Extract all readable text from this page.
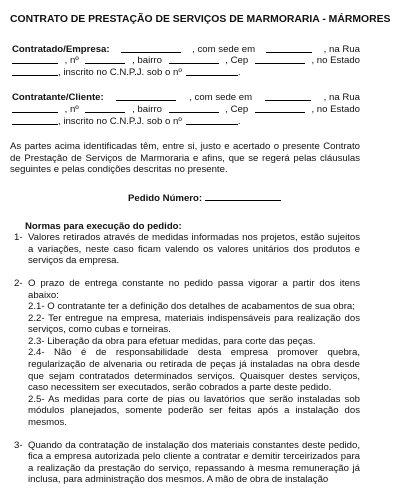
CONTRATO DE PRESTAÇÃO DE SERVIÇOS DE MARMORARIA - MÁRMORES
Contratado/Empresa:	, com sede em	, na Rua
, nº	, bairro	, Cep	, no Estado
, inscrito no C.N.P.J. sob o nº	.
Contratante/Cliente:	, com sede em	, na Rua
, nº	, bairro	, Cep	, no Estado
, inscrito no C.N.P.J. sob o nº	.

As partes acima identificadas têm, entre si, justo e acertado o presente Contrato de Prestação de Serviços de Marmoraria e afins, que se regerá pelas cláusulas seguintes e pelas condições descritas no presente.

Pedido Número:
Normas para execução do pedido:
1- Valores retirados através de medidas informadas nos projetos, estão sujeitos a variações, neste caso ficam valendo os valores unitários dos produtos e serviços da empresa.

2- O prazo de entrega constante no pedido passa vigorar a partir dos itens abaixo:

2.1- O contratante ter a definição dos detalhes de acabamentos de sua obra;

2.2- Ter entregue na empresa, materiais indispensáveis para realização dos serviços, como cubas e torneiras.

2.3- Liberação da obra para efetuar medidas, para corte das peças.

2.4- Não é de responsabilidade desta empresa promover quebra, regularização de alvenaria ou retirada de peças já instaladas na obra desde que sejam contratados determinados serviços. Quaisquer destes serviços, caso necessitem ser executados, serão cobrados a parte deste pedido.

2.5- As medidas para corte de pias ou lavatórios que serão instaladas sob módulos planejados, somente poderão ser feitas após a instalação dos mesmos.

3- Quando da contratação de instalação dos materiais constantes deste pedido, fica a empresa autorizada pelo cliente a contratar e demitir terceirizados para a realização da prestação do serviço, repassando à mesma remuneração já inclusa, para administração dos mesmos. A mão de obra de instalação
